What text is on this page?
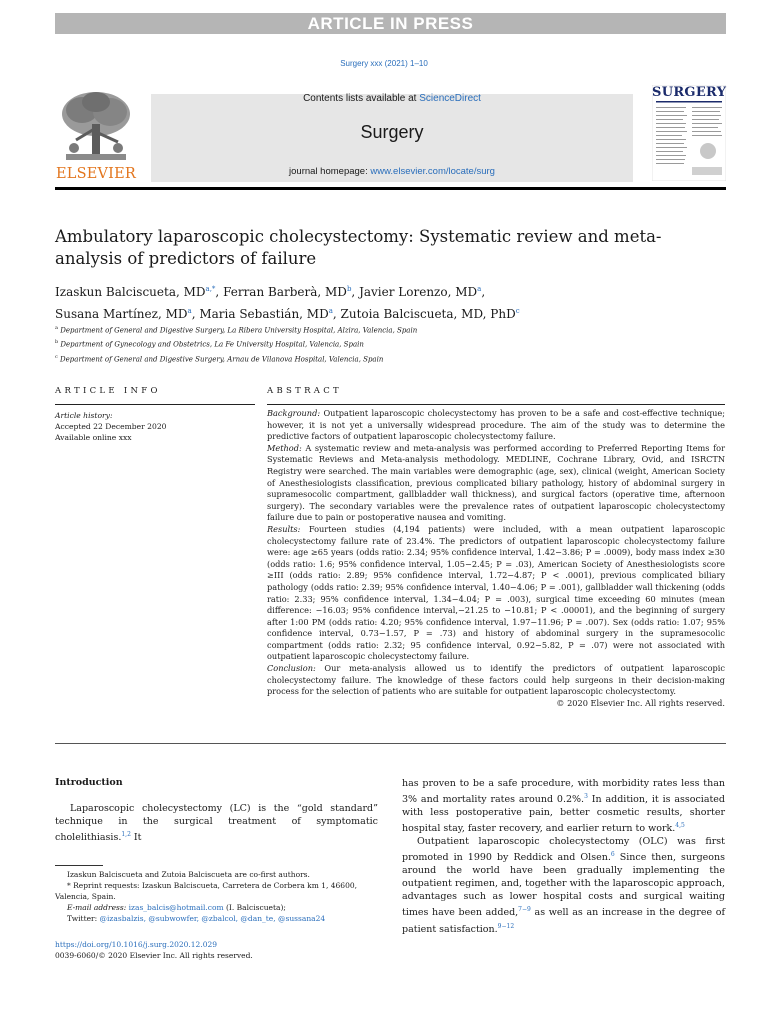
ARTICLE IN PRESS
Surgery xxx (2021) 1–10
ELSEVIER
Contents lists available at ScienceDirect
Surgery
journal homepage: www.elsevier.com/locate/surg
SURGERY
Ambulatory laparoscopic cholecystectomy: Systematic review and meta-analysis of predictors of failure
Izaskun Balciscueta, $MD^{a,*}$, Ferran Barberà, $MD^b$, Javier Lorenzo, $MD^a$,
Susana Martínez, $MD^a$, Maria Sebastián, $MD^a$, Zutoia Balciscueta, MD, PhD$^c$
$^a$ Department of General and Digestive Surgery, La Ribera University Hospital, Alzira, Valencia, Spain
$^b$ Department of Gynecology and Obstetrics, La Fe University Hospital, Valencia, Spain
$^c$ Department of General and Digestive Surgery, Arnau de Vilanova Hospital, Valencia, Spain
ARTICLE INFO	ABSTRACT
Article history:
Accepted 22 December 2020
Available online xxx

Background: Outpatient laparoscopic cholecystectomy has proven to be a safe and cost-effective technique; however, it is not yet a universally widespread procedure. The aim of the study was to determine the predictive factors of outpatient laparoscopic cholecystectomy failure.

Method: A systematic review and meta-analysis was performed according to Preferred Reporting Items for Systematic Reviews and Meta-analysis methodology. MEDLINE, Cochrane Library, Ovid, and ISRCTN Registry were searched. The main variables were demographic (age, sex), clinical (weight, American Society of Anesthesiologists classification, previous complicated biliary pathology, history of abdominal surgery in supramesocolic compartment, gallbladder wall thickness), and surgical factors (operative time, afternoon surgery). The secondary variables were the prevalence rates of outpatient laparoscopic cholecystectomy failure due to pain or postoperative nausea and vomiting.

Results: Fourteen studies (4,194 patients) were included, with a mean outpatient laparoscopic cholecystectomy failure rate of 23.4%. The predictors of outpatient laparoscopic cholecystectomy failure were: age ≥65 years (odds ratio: 2.34; 95% confidence interval, 1.42−3.86; P = .0009), body mass index ≥30 (odds ratio: 1.6; 95% confidence interval, 1.05−2.45; P = .03), American Society of Anesthesiologists score ≥III (odds ratio: 2.89; 95% confidence interval, 1.72−4.87; P < .0001), previous complicated biliary pathology (odds ratio: 2.39; 95% confidence interval, 1.40−4.06; P = .001), gallbladder wall thickening (odds ratio: 2.33; 95% confidence interval, 1.34−4.04; P = .003), surgical time exceeding 60 minutes (mean difference: −16.03; 95% confidence interval,−21.25 to −10.81; P < .00001), and the beginning of surgery after 1:00 PM (odds ratio: 4.20; 95% confidence interval, 1.97−11.96; P = .007). Sex (odds ratio: 1.07; 95% confidence interval, 0.73−1.57, P = .73) and history of abdominal surgery in the supramesocolic compartment (odds ratio: 2.32; 95 confidence interval, 0.92−5.82, P = .07) were not associated with outpatient laparoscopic cholecystectomy failure.

Conclusion: Our meta-analysis allowed us to identify the predictors of outpatient laparoscopic cholecystectomy failure. The knowledge of these factors could help surgeons in their decision-making process for the selection of patients who are suitable for outpatient laparoscopic cholecystectomy.

© 2020 Elsevier Inc. All rights reserved.

Introduction
Laparoscopic cholecystectomy (LC) is the “gold standard” technique in the surgical treatment of symptomatic cholelithiasis.$^{1,2}$ It

has proven to be a safe procedure, with morbidity rates less than 3% and mortality rates around 0.2%.$^3$ In addition, it is associated with less postoperative pain, better cosmetic results, shorter hospital stay, faster recovery, and earlier return to work.$^{4,5}$

Outpatient laparoscopic cholecystectomy (OLC) was first promoted in 1990 by Reddick and Olsen.$^6$ Since then, surgeons around the world have been gradually implementing the outpatient regimen, and, together with the laparoscopic approach, advantages such as lower hospital costs and surgical waiting times have been added,$^{7-9}$ as well as an increase in the degree of patient satisfaction.$^{9-12}$

Izaskun Balciscueta and Zutoia Balciscueta are co-first authors.

* Reprint requests: Izaskun Balciscueta, Carretera de Corbera km 1, 46600, Valencia, Spain.

E-mail address: izas_balcis@hotmail.com (I. Balciscueta);

Twitter: @izasbalzis, @subwowfer, @zbalcol, @dan_te, @sussana24

https://doi.org/10.1016/j.surg.2020.12.029
0039-6060/© 2020 Elsevier Inc. All rights reserved.
